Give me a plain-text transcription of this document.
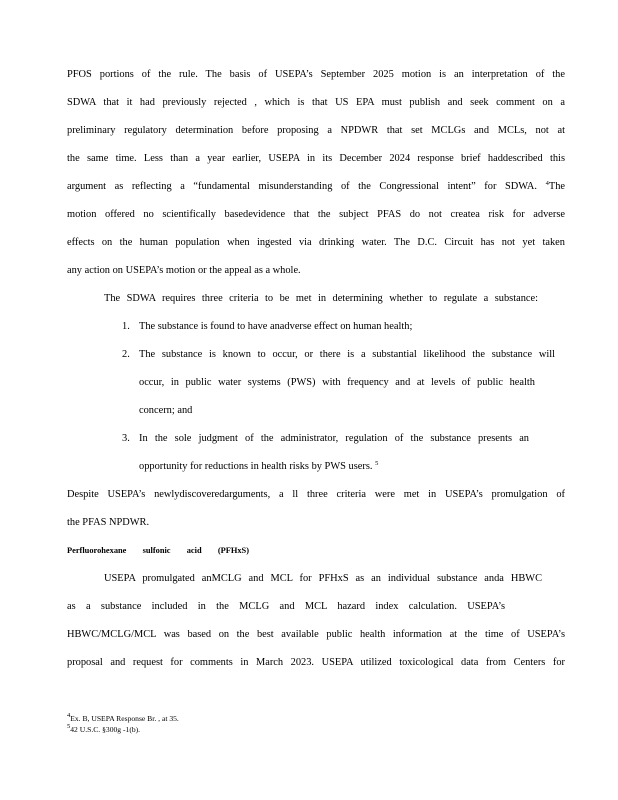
PFOS portions of the rule. The basis of USEPA’s September 2025 motion is an interpretation of the
SDWA that it had previously rejected , which is that US EPA must publish and seek comment on a
preliminary regulatory determination before proposing a NPDWR that set MCLGs and MCLs, not at
the same time. Less than a year earlier, USEPA in its December 2024 response brief haddescribed this
argument as reflecting a “fundamental misunderstanding of the Congressional intent” for SDWA. $^4$The
motion offered no scientifically basedevidence that the subject PFAS do not createa risk for adverse
effects on the human population when ingested via drinking water. The D.C. Circuit has not yet taken
any action on USEPA’s motion or the appeal as a whole.
The SDWA requires three criteria to be met in determining whether to regulate a substance:
1. The substance is found to have anadverse effect on human health;
2. The substance is known to occur, or there is a substantial likelihood the substance will
occur, in public water systems (PWS) with frequency and at levels of public health
concern; and
3. In the sole judgment of the administrator, regulation of the substance presents an
opportunity for reductions in health risks by PWS users. $^5$
Despite USEPA’s newlydiscoveredarguments, a ll three criteria were met in USEPA’s promulgation of
the PFAS NPDWR.
Perfluorohexane sulfonic acid (PFHxS)
USEPA promulgated anMCLG and MCL for PFHxS as an individual substance anda HBWC
as a substance included in the MCLG and MCL hazard index calculation. USEPA’s
HBWC/MCLG/MCL was based on the best available public health information at the time of USEPA’s
proposal and request for comments in March 2023. USEPA utilized toxicological data from Centers for
$^4$Ex. B, USEPA Response Br. , at 35.
$^5$42 U.S.C. §300g -1(b).
